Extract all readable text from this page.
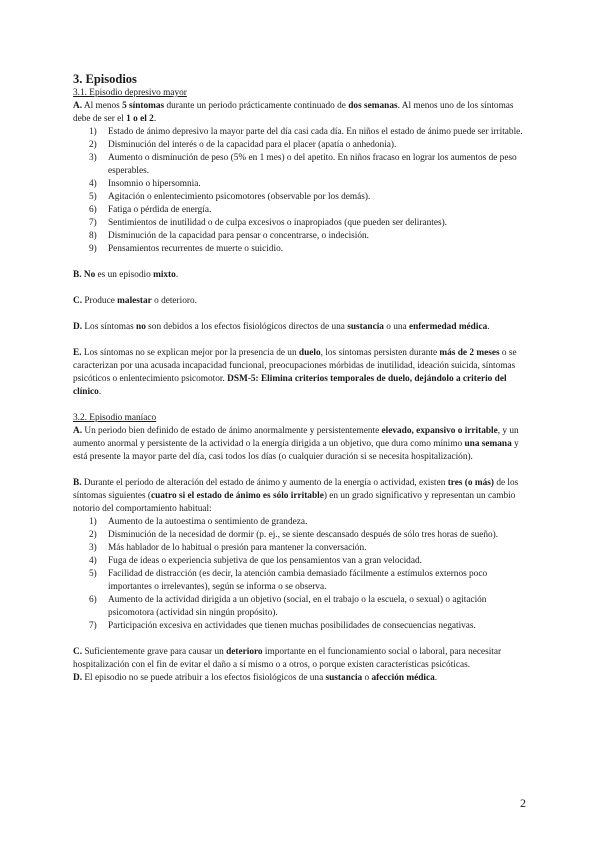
3. Episodios

3.1. Episodio depresivo mayor

A. Al menos 5 síntomas durante un periodo prácticamente continuado de dos semanas. Al menos uno de los síntomas debe de ser el 1 o el 2.

1) Estado de ánimo depresivo la mayor parte del día casi cada día. En niños el estado de ánimo puede ser irritable.
2) Disminución del interés o de la capacidad para el placer (apatía o anhedonia).
3) Aumento o disminución de peso (5% en 1 mes) o del apetito. En niños fracaso en lograr los aumentos de peso esperables.
4) Insomnio o hipersomnia.
5) Agitación o enlentecimiento psicomotores (observable por los demás).
6) Fatiga o pérdida de energía.
7) Sentimientos de inutilidad o de culpa excesivos o inapropiados (que pueden ser delirantes).
8) Disminución de la capacidad para pensar o concentrarse, o indecisión.
9) Pensamientos recurrentes de muerte o suicidio.

B. No es un episodio mixto.

C. Produce malestar o deterioro.

D. Los síntomas no son debidos a los efectos fisiológicos directos de una sustancia o una enfermedad médica.

E. Los síntomas no se explican mejor por la presencia de un duelo, los síntomas persisten durante más de 2 meses o se caracterizan por una acusada incapacidad funcional, preocupaciones mórbidas de inutilidad, ideación suicida, síntomas psicóticos o enlentecimiento psicomotor. DSM-5: Elimina criterios temporales de duelo, dejándolo a criterio del clínico.

3.2. Episodio maníaco

A. Un periodo bien definido de estado de ánimo anormalmente y persistentemente elevado, expansivo o irritable, y un aumento anormal y persistente de la actividad o la energía dirigida a un objetivo, que dura como mínimo una semana y está presente la mayor parte del día, casi todos los días (o cualquier duración si se necesita hospitalización).

B. Durante el período de alteración del estado de ánimo y aumento de la energía o actividad, existen tres (o más) de los síntomas siguientes (cuatro si el estado de ánimo es sólo irritable) en un grado significativo y representan un cambio notorio del comportamiento habitual:

1) Aumento de la autoestima o sentimiento de grandeza.
2) Disminución de la necesidad de dormir (p. ej., se siente descansado después de sólo tres horas de sueño).
3) Más hablador de lo habitual o presión para mantener la conversación.
4) Fuga de ideas o experiencia subjetiva de que los pensamientos van a gran velocidad.
5) Facilidad de distracción (es decir, la atención cambia demasiado fácilmente a estímulos externos poco importantes o irrelevantes), según se informa o se observa.
6) Aumento de la actividad dirigida a un objetivo (social, en el trabajo o la escuela, o sexual) o agitación psicomotora (actividad sin ningún propósito).
7) Participación excesiva en actividades que tienen muchas posibilidades de consecuencias negativas.

C. Suficientemente grave para causar un deterioro importante en el funcionamiento social o laboral, para necesitar hospitalización con el fin de evitar el daño a sí mismo o a otros, o porque existen características psicóticas.

D. El episodio no se puede atribuir a los efectos fisiológicos de una sustancia o afección médica.

2
